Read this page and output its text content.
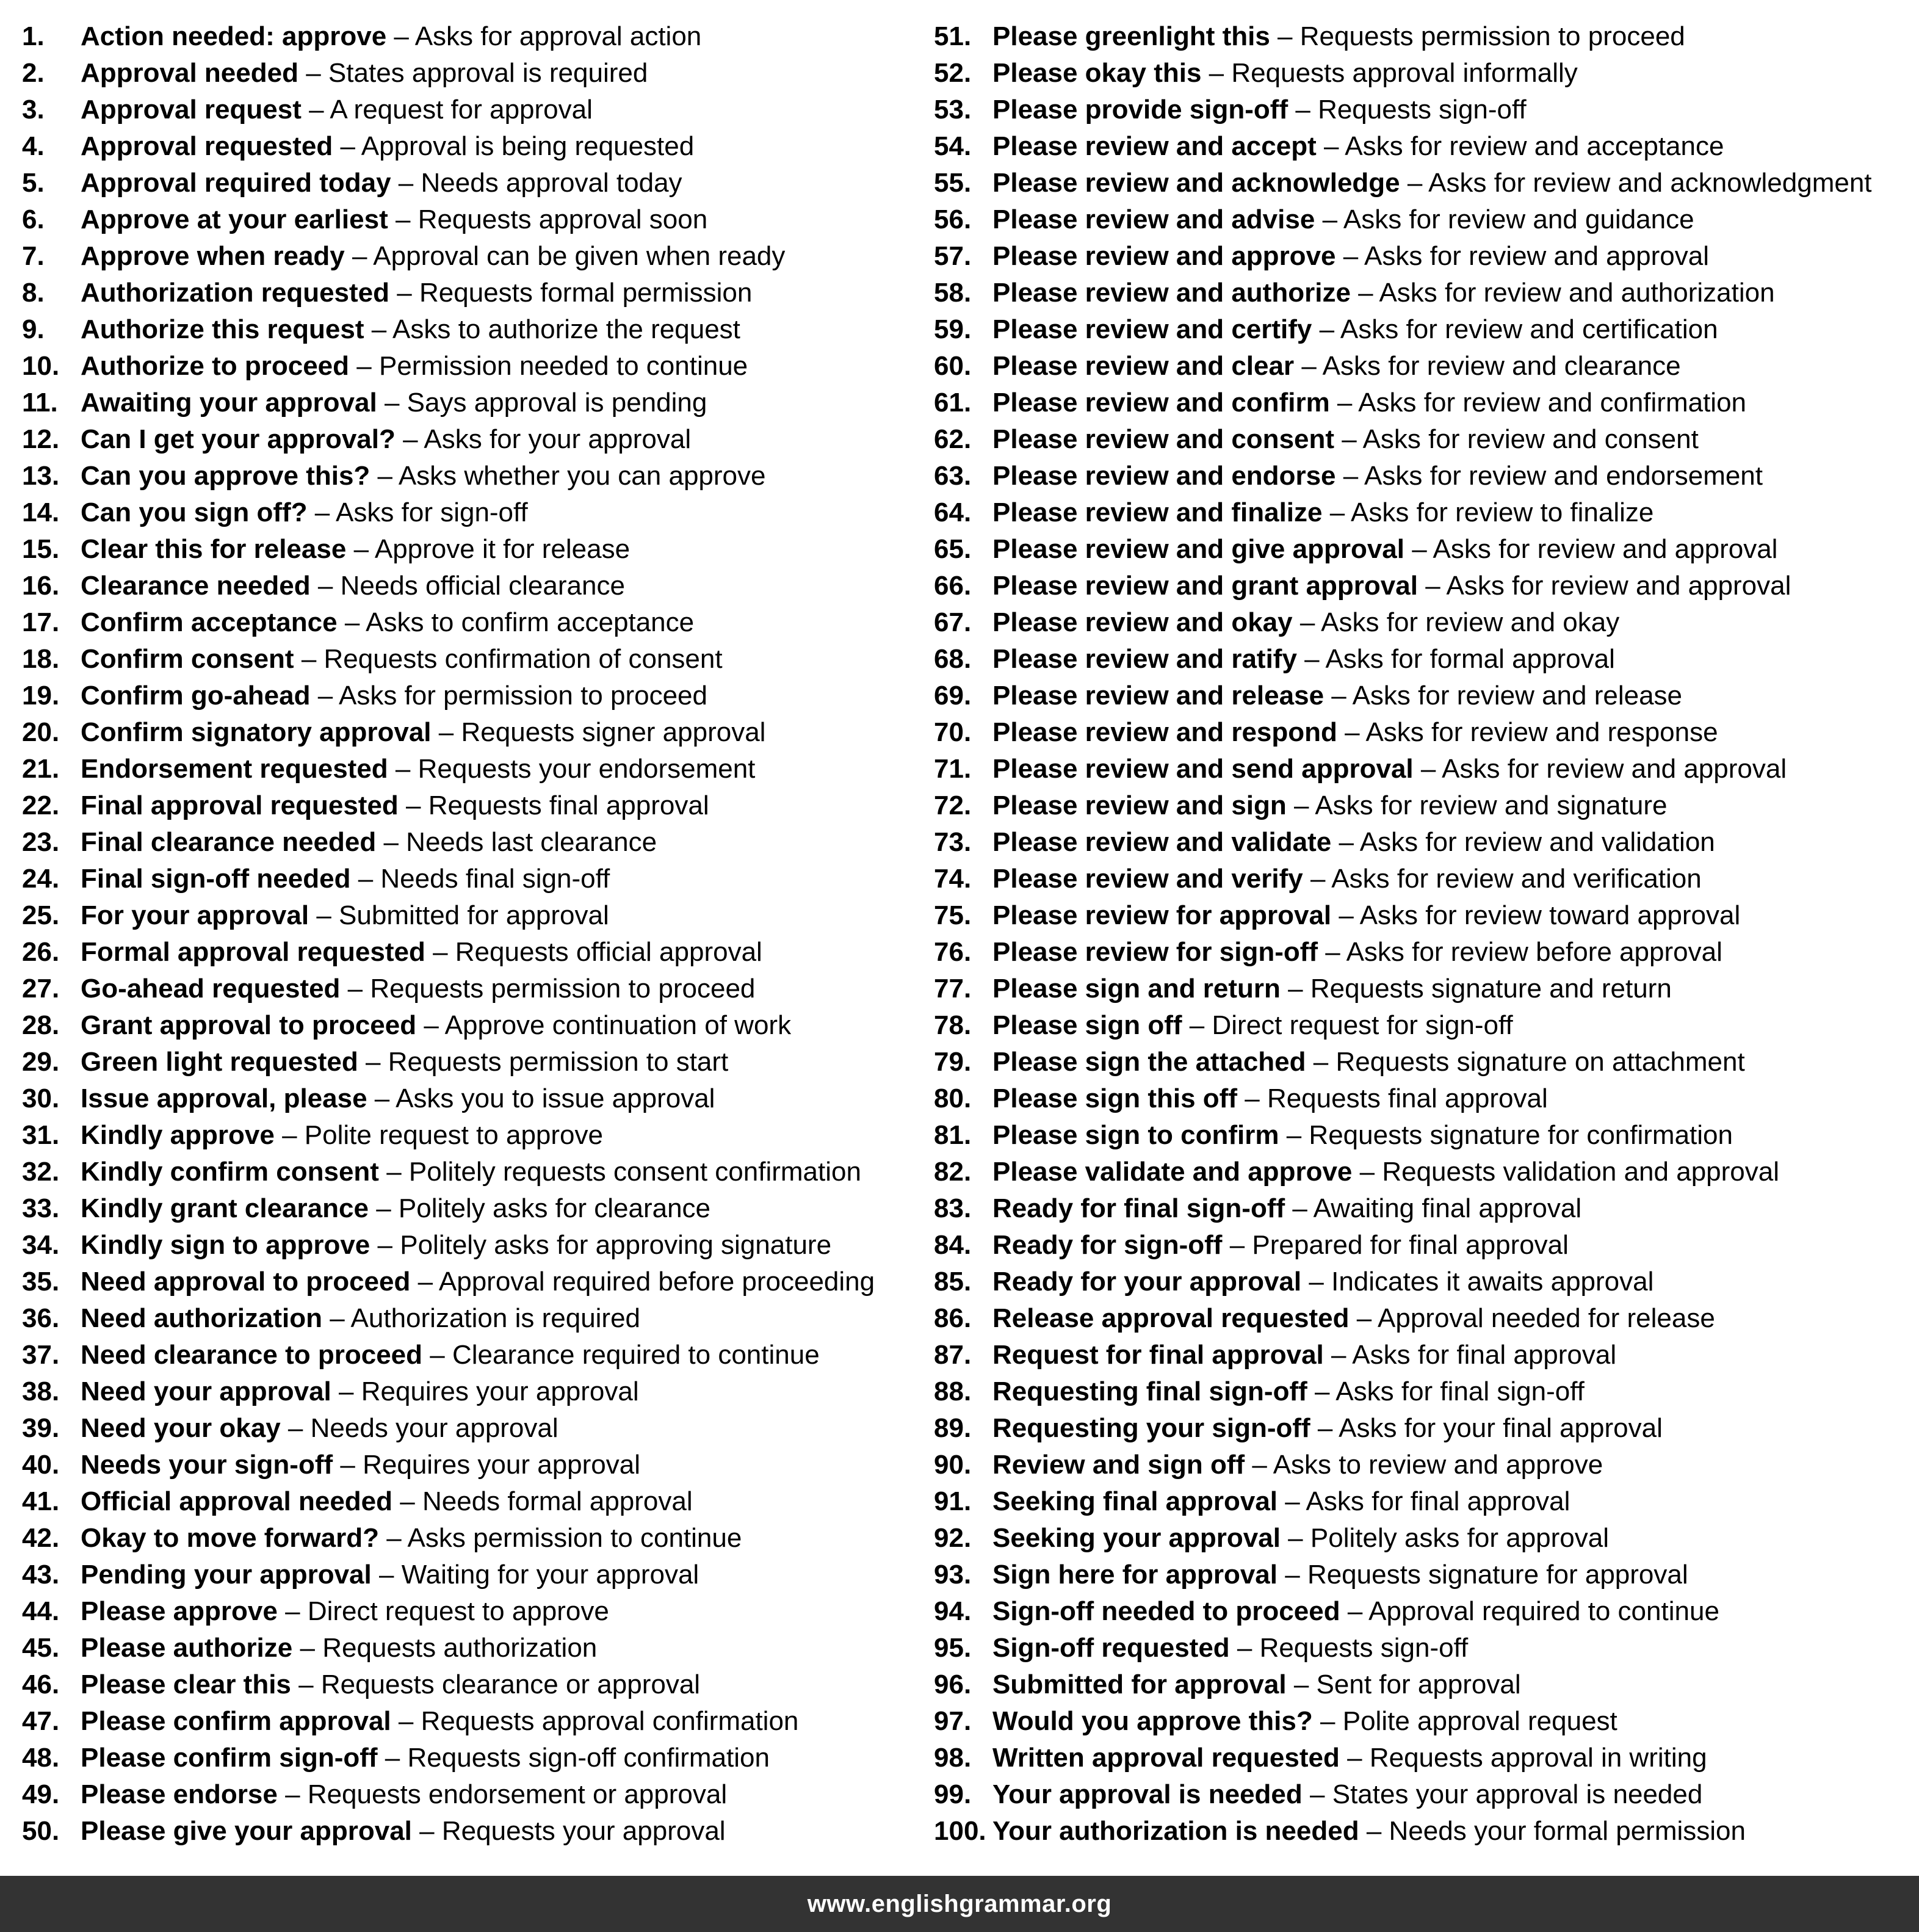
1. Action needed: approve – Asks for approval action
2. Approval needed – States approval is required
3. Approval request – A request for approval
4. Approval requested – Approval is being requested
5. Approval required today – Needs approval today
6. Approve at your earliest – Requests approval soon
7. Approve when ready – Approval can be given when ready
8. Authorization requested – Requests formal permission
9. Authorize this request – Asks to authorize the request
10. Authorize to proceed – Permission needed to continue
11. Awaiting your approval – Says approval is pending
12. Can I get your approval? – Asks for your approval
13. Can you approve this? – Asks whether you can approve
14. Can you sign off? – Asks for sign-off
15. Clear this for release – Approve it for release
16. Clearance needed – Needs official clearance
17. Confirm acceptance – Asks to confirm acceptance
18. Confirm consent – Requests confirmation of consent
19. Confirm go-ahead – Asks for permission to proceed
20. Confirm signatory approval – Requests signer approval
21. Endorsement requested – Requests your endorsement
22. Final approval requested – Requests final approval
23. Final clearance needed – Needs last clearance
24. Final sign-off needed – Needs final sign-off
25. For your approval – Submitted for approval
26. Formal approval requested – Requests official approval
27. Go-ahead requested – Requests permission to proceed
28. Grant approval to proceed – Approve continuation of work
29. Green light requested – Requests permission to start
30. Issue approval, please – Asks you to issue approval
31. Kindly approve – Polite request to approve
32. Kindly confirm consent – Politely requests consent confirmation
33. Kindly grant clearance – Politely asks for clearance
34. Kindly sign to approve – Politely asks for approving signature
35. Need approval to proceed – Approval required before proceeding
36. Need authorization – Authorization is required
37. Need clearance to proceed – Clearance required to continue
38. Need your approval – Requires your approval
39. Need your okay – Needs your approval
40. Needs your sign-off – Requires your approval
41. Official approval needed – Needs formal approval
42. Okay to move forward? – Asks permission to continue
43. Pending your approval – Waiting for your approval
44. Please approve – Direct request to approve
45. Please authorize – Requests authorization
46. Please clear this – Requests clearance or approval
47. Please confirm approval – Requests approval confirmation
48. Please confirm sign-off – Requests sign-off confirmation
49. Please endorse – Requests endorsement or approval
50. Please give your approval – Requests your approval
51. Please greenlight this – Requests permission to proceed
52. Please okay this – Requests approval informally
53. Please provide sign-off – Requests sign-off
54. Please review and accept – Asks for review and acceptance
55. Please review and acknowledge – Asks for review and acknowledgment
56. Please review and advise – Asks for review and guidance
57. Please review and approve – Asks for review and approval
58. Please review and authorize – Asks for review and authorization
59. Please review and certify – Asks for review and certification
60. Please review and clear – Asks for review and clearance
61. Please review and confirm – Asks for review and confirmation
62. Please review and consent – Asks for review and consent
63. Please review and endorse – Asks for review and endorsement
64. Please review and finalize – Asks for review to finalize
65. Please review and give approval – Asks for review and approval
66. Please review and grant approval – Asks for review and approval
67. Please review and okay – Asks for review and okay
68. Please review and ratify – Asks for formal approval
69. Please review and release – Asks for review and release
70. Please review and respond – Asks for review and response
71. Please review and send approval – Asks for review and approval
72. Please review and sign – Asks for review and signature
73. Please review and validate – Asks for review and validation
74. Please review and verify – Asks for review and verification
75. Please review for approval – Asks for review toward approval
76. Please review for sign-off – Asks for review before approval
77. Please sign and return – Requests signature and return
78. Please sign off – Direct request for sign-off
79. Please sign the attached – Requests signature on attachment
80. Please sign this off – Requests final approval
81. Please sign to confirm – Requests signature for confirmation
82. Please validate and approve – Requests validation and approval
83. Ready for final sign-off – Awaiting final approval
84. Ready for sign-off – Prepared for final approval
85. Ready for your approval – Indicates it awaits approval
86. Release approval requested – Approval needed for release
87. Request for final approval – Asks for final approval
88. Requesting final sign-off – Asks for final sign-off
89. Requesting your sign-off – Asks for your final approval
90. Review and sign off – Asks to review and approve
91. Seeking final approval – Asks for final approval
92. Seeking your approval – Politely asks for approval
93. Sign here for approval – Requests signature for approval
94. Sign-off needed to proceed – Approval required to continue
95. Sign-off requested – Requests sign-off
96. Submitted for approval – Sent for approval
97. Would you approve this? – Polite approval request
98. Written approval requested – Requests approval in writing
99. Your approval is needed – States your approval is needed
100. Your authorization is needed – Needs your formal permission
www.englishgrammar.org
